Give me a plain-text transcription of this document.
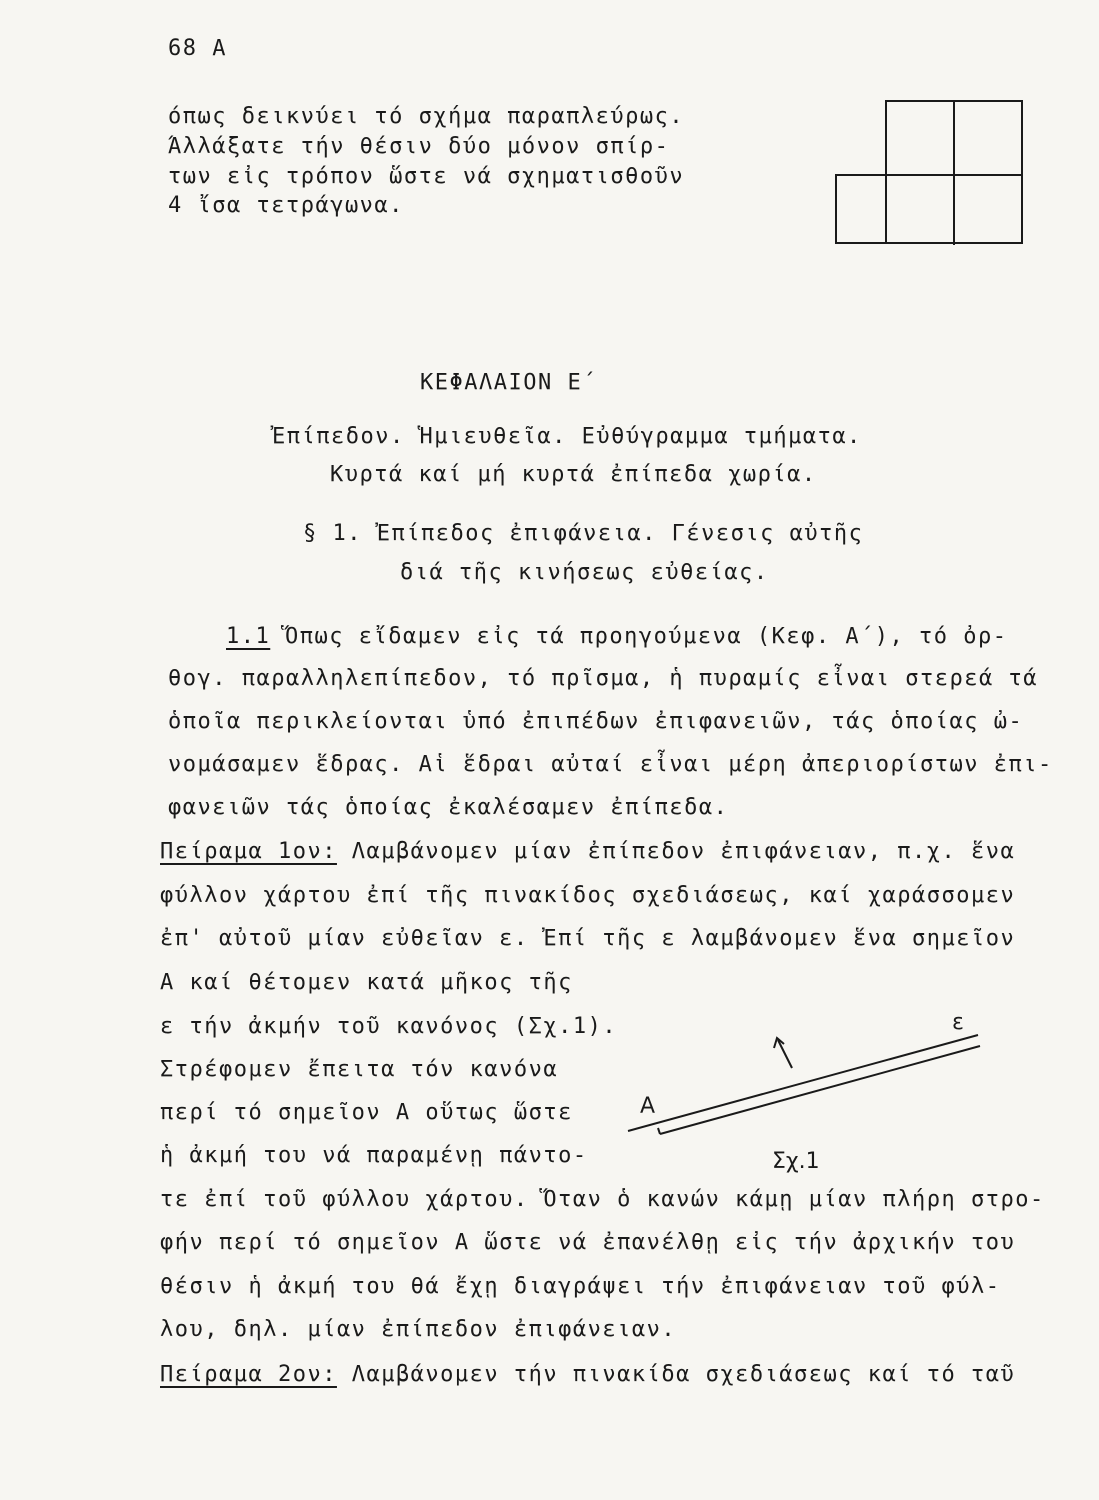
68 Α
όπως δεικνύει τό σχήμα παραπλεύρως.
Άλλάξατε τήν θέσιν δύο μόνον σπίρ-
των εἰς τρόπον ὥστε νά σχηματισθοῦν
4 ἴσα τετράγωνα.
ΚΕΦΑΛΑΙΟΝ Ε΄
Ἐπίπεδον. Ἡμιευθεῖα. Εὐθύγραμμα τμήματα.
Κυρτά καί μή κυρτά ἐπίπεδα χωρία.
§ 1. Ἐπίπεδος ἐπιφάνεια. Γένεσις αὐτῆς
διά τῆς κινήσεως εὐθείας.
1.1 Ὅπως εἴδαμεν εἰς τά προηγούμενα (Κεφ. Α΄), τό ὀρ-
θογ. παραλληλεπίπεδον, τό πρῖσμα, ἡ πυραμίς εἶναι στερεά τά
ὁποῖα περικλείονται ὑπό ἐπιπέδων ἐπιφανειῶν, τάς ὁποίας ὠ-
νομάσαμεν ἕδρας. Αἱ ἕδραι αὐταί εἶναι μέρη ἀπεριορίστων ἐπι-
φανειῶν τάς ὁποίας ἐκαλέσαμεν ἐπίπεδα.
Πείραμα 1ον: Λαμβάνομεν μίαν ἐπίπεδον ἐπιφάνειαν, π.χ. ἕνα
φύλλον χάρτου ἐπί τῆς πινακίδος σχεδιάσεως, καί χαράσσομεν
ἐπ' αὐτοῦ μίαν εὐθεῖαν ε. Ἐπί τῆς ε λαμβάνομεν ἕνα σημεῖον
Α καί θέτομεν κατά μῆκος τῆς
ε τήν ἀκμήν τοῦ κανόνος (Σχ.1).
Στρέφομεν ἔπειτα τόν κανόνα
περί τό σημεῖον Α οὕτως ὥστε
ἡ ἀκμή του νά παραμένῃ πάντο-
τε ἐπί τοῦ φύλλου χάρτου. Ὅταν ὁ κανών κάμῃ μίαν πλήρη στρο-
φήν περί τό σημεῖον Α ὥστε νά ἐπανέλθῃ εἰς τήν ἀρχικήν του
θέσιν ἡ ἀκμή του θά ἔχῃ διαγράψει τήν ἐπιφάνειαν τοῦ φύλ-
λου, δηλ. μίαν ἐπίπεδον ἐπιφάνειαν.
Πείραμα 2ον: Λαμβάνομεν τήν πινακίδα σχεδιάσεως καί τό ταῦ
Α
ε
Σχ.1
